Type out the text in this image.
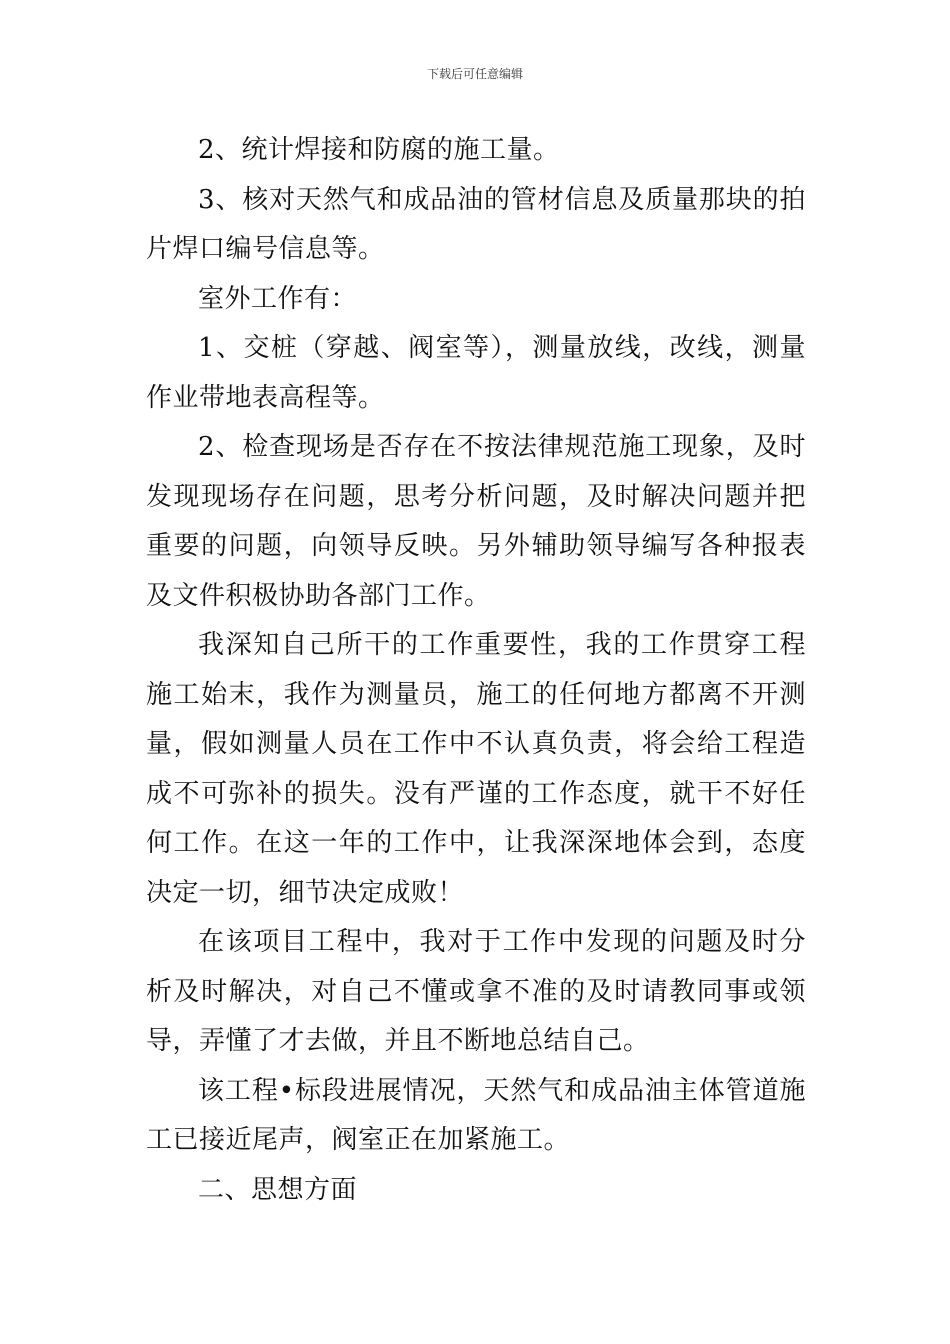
下载后可任意编辑

2、统计焊接和防腐的施工量。

3、核对天然气和成品油的管材信息及质量那块的拍片焊口编号信息等。

室外工作有：

1、交桩（穿越、阀室等），测量放线，改线，测量作业带地表高程等。

2、检查现场是否存在不按法律规范施工现象，及时发现现场存在问题，思考分析问题，及时解决问题并把重要的问题，向领导反映。另外辅助领导编写各种报表及文件积极协助各部门工作。

我深知自己所干的工作重要性，我的工作贯穿工程施工始末，我作为测量员，施工的任何地方都离不开测量，假如测量人员在工作中不认真负责，将会给工程造成不可弥补的损失。没有严谨的工作态度，就干不好任何工作。在这一年的工作中，让我深深地体会到，态度决定一切，细节决定成败！

在该项目工程中，我对于工作中发现的问题及时分析及时解决，对自己不懂或拿不准的及时请教同事或领导，弄懂了才去做，并且不断地总结自己。

该工程•标段进展情况，天然气和成品油主体管道施工已接近尾声，阀室正在加紧施工。

二、思想方面
